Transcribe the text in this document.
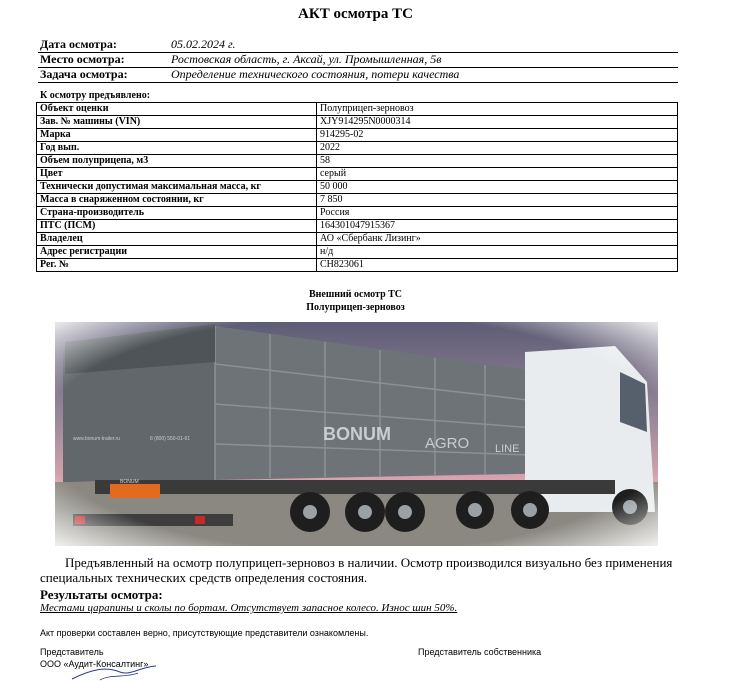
АКТ осмотра ТС
Дата осмотра:	05.02.2024 г.
Место осмотра:	Ростовская область, г. Аксай, ул. Промышленная, 5в
Задача осмотра:	Определение технического состояния, потери качества
К осмотру предъявлено:
Объект оценки	Полуприцеп-зерновоз
Зав. № машины (VIN)	XJY914295N0000314
Марка	914295-02
Год вып.	2022
Объем полуприцепа, м3	58
Цвет	серый
Технически допустимая максимальная масса, кг	50 000
Масса в снаряженном состоянии, кг	7 850
Страна-производитель	Россия
ПТС (ПСМ)	164301047915367
Владелец	АО «Сбербанк Лизинг»
Адрес регистрации	н/д
Рег. №	СН823061
Внешний осмотр ТС
Полуприцеп-зерновоз
Предъявленный на осмотр полуприцеп-зерновоз в наличии. Осмотр производился визуально без применения специальных технических средств определения состояния.
Результаты осмотра:
Местами царапины и сколы по бортам. Отсутствует запасное колесо. Износ шин 50%.
Акт проверки составлен верно, присутствующие представители ознакомлены.
Представитель
ООО «Аудит-Консалтинг»
Представитель собственника
